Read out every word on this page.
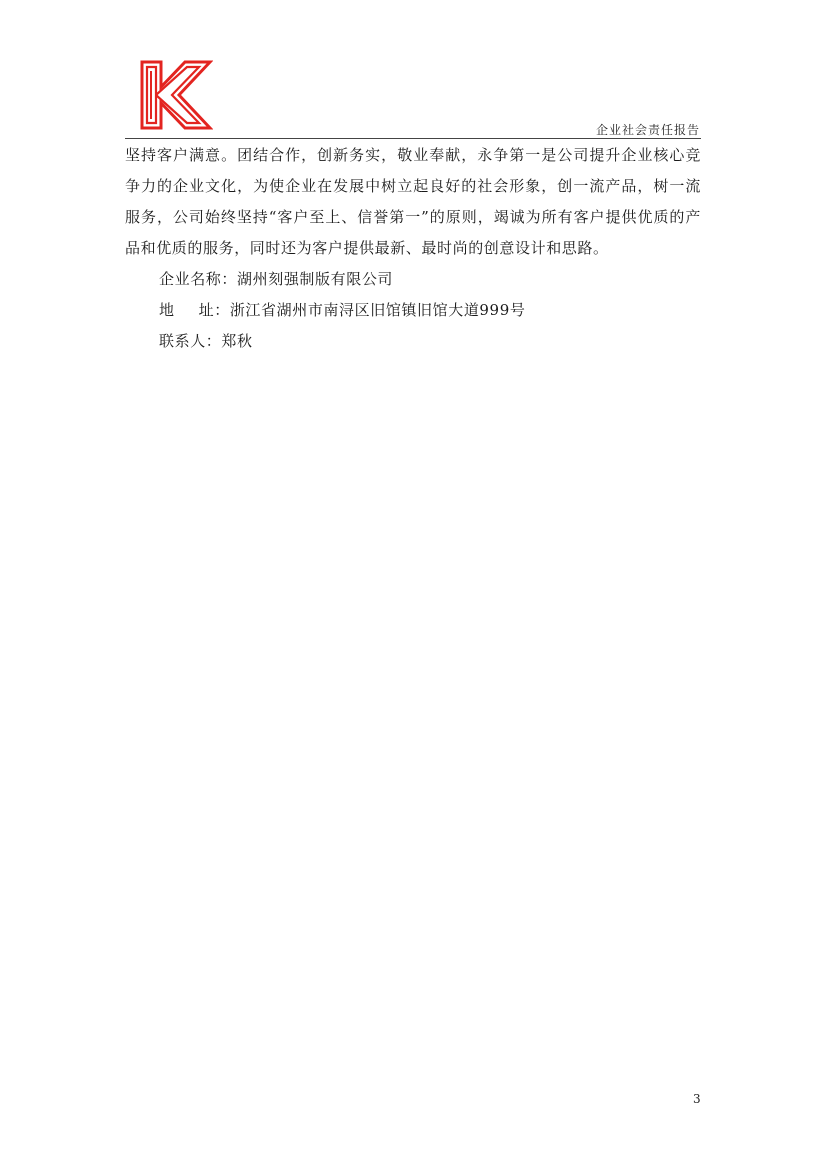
企业社会责任报告

坚持客户满意。团结合作，创新务实，敬业奉献，永争第一是公司提升企业核心竞争力的企业文化，为使企业在发展中树立起良好的社会形象，创一流产品，树一流服务，公司始终坚持“客户至上、信誉第一”的原则，竭诚为所有客户提供优质的产品和优质的服务，同时还为客户提供最新、最时尚的创意设计和思路。

企业名称：湖州刻强制版有限公司

地 址：浙江省湖州市南浔区旧馆镇旧馆大道999号

联系人：郑秋

3
